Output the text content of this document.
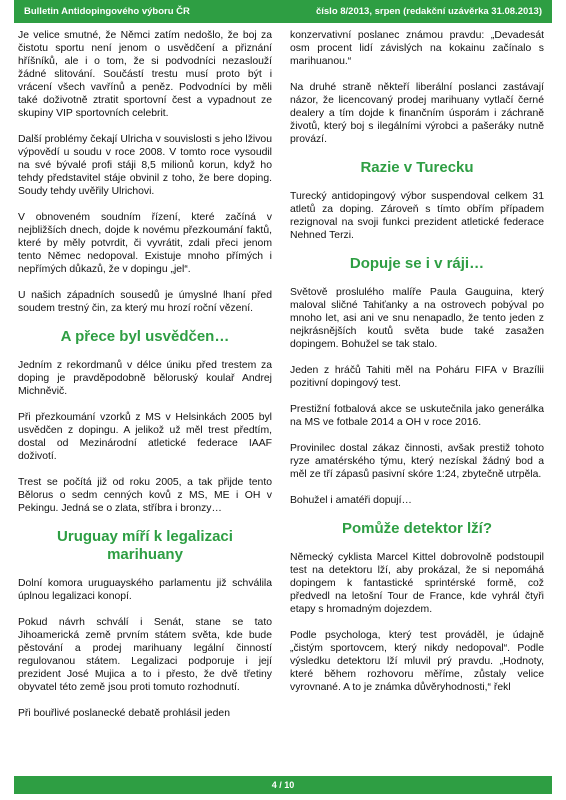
Bulletin Antidopingového výboru ČR	číslo 8/2013, srpen (redakční uzávěrka 31.08.2013)

Je velice smutné, že Němci zatím nedošlo, že boj za čistotu sportu není jenom o usvědčení a přiznání hříšníků, ale i o tom, že si podvodníci nezaslouží žádné slitování. Součástí trestu musí proto být i vrácení všech vavřínů a peněz. Podvodníci by měli také doživotně ztratit sportovní čest a vypadnout ze skupiny VIP sportovních celebrit.

Další problémy čekají Ulricha v souvislosti s jeho lživou výpovědí u soudu v roce 2008. V tomto roce vysoudil na své bývalé profi stáji 8,5 milionů korun, když ho tehdy představitel stáje obvinil z toho, že bere doping. Soudy tehdy uvěřily Ulrichovi.

V obnoveném soudním řízení, které začíná v nejbližších dnech, dojde k novému přezkoumání faktů, které by měly potvrdit, či vyvrátit, zdali přeci jenom tento Němec nedopoval. Existuje mnoho přímých i nepřímých důkazů, že v dopingu „jel“.

U našich západních sousedů je úmyslné lhaní před soudem trestný čin, za který mu hrozí roční vězení.

A přece byl usvědčen…

Jedním z rekordmanů v délce úniku před trestem za doping je pravděpodobně běloruský koulař Andrej Michněvič.

Při přezkoumání vzorků z MS v Helsinkách 2005 byl usvědčen z dopingu. A jelikož už měl trest předtím, dostal od Mezinárodní atletické federace IAAF doživotí.

Trest se počítá již od roku 2005, a tak přijde tento Bělorus o sedm cenných kovů z MS, ME i OH v Pekingu. Jedná se o zlata, stříbra i bronzy…

Uruguay míří k legalizaci marihuany

Dolní komora uruguayského parlamentu již schválila úplnou legalizaci konopí.

Pokud návrh schválí i Senát, stane se tato Jihoamerická země prvním státem světa, kde bude pěstování a prodej marihuany legální činností regulovanou státem. Legalizaci podporuje i její prezident José Mujica a to i přesto, že dvě třetiny obyvatel této země jsou proti tomuto rozhodnutí.

Při bouřlivé poslanecké debatě prohlásil jeden

konzervativní poslanec známou pravdu: „Devadesát osm procent lidí závislých na kokainu začínalo s marihuanou.“

Na druhé straně někteří liberální poslanci zastávají názor, že licencovaný prodej marihuany vytlačí černé dealery a tím dojde k finančním úsporám i záchraně životů, který boj s ilegálními výrobci a pašeráky nutně provází.

Razie v Turecku

Turecký antidopingový výbor suspendoval celkem 31 atletů za doping. Zároveň s tímto obřím případem rezignoval na svoji funkci prezident atletické federace Nehned Terzi.

Dopuje se i v ráji…

Světově proslulého malíře Paula Gauguina, který maloval sličné Tahiťanky a na ostrovech pobýval po mnoho let, asi ani ve snu nenapadlo, že tento jeden z nejkrásnějších koutů světa bude také zasažen dopingem. Bohužel se tak stalo.

Jeden z hráčů Tahiti měl na Poháru FIFA v Brazílii pozitivní dopingový test.

Prestižní fotbalová akce se uskutečnila jako generálka na MS ve fotbale 2014 a OH v roce 2016.

Provinilec dostal zákaz činnosti, avšak prestiž tohoto ryze amatérského týmu, který nezískal žádný bod a měl ze tří zápasů pasivní skóre 1:24, zbytečně utrpěla.

Bohužel i amatéři dopují…

Pomůže detektor lží?

Německý cyklista Marcel Kittel dobrovolně podstoupil test na detektoru lží, aby prokázal, že si nepomáhá dopingem k fantastické sprintérské formě, což předvedl na letošní Tour de France, kde vyhrál čtyři etapy s hromadným dojezdem.

Podle psychologa, který test prováděl, je údajně „čistým sportovcem, který nikdy nedopoval“. Podle výsledku detektoru lží mluvil prý pravdu. „Hodnoty, které během rozhovoru měříme, zůstaly velice vyrovnané. A to je známka důvěryhodnosti,“ řekl

4 / 10
